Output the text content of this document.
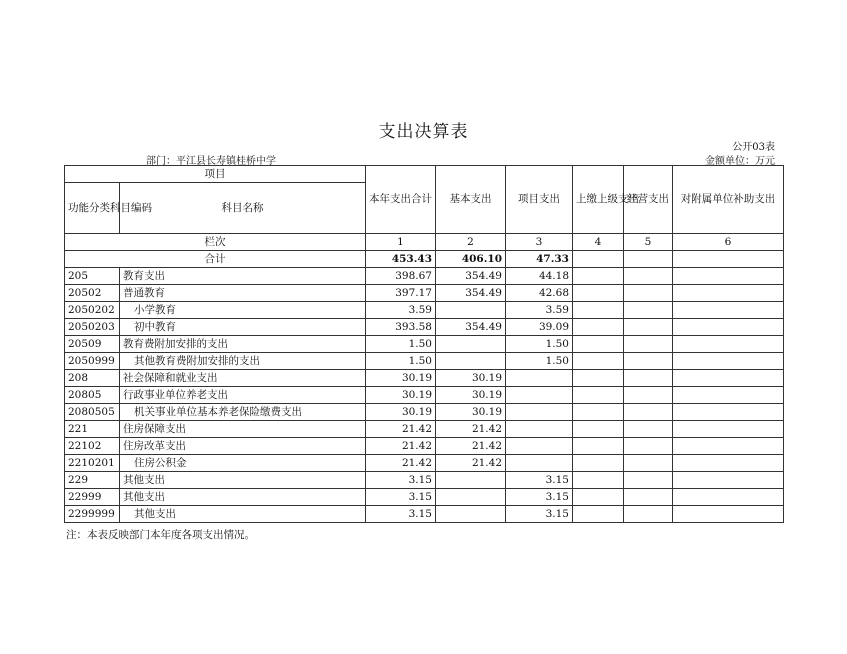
支出决算表
公开03表
部门：平江县长寿镇桂桥中学	金额单位：万元
项目		本年支出合计	基本支出	项目支出	上缴上级支出	经营支出	对附属单位补助支出
功能分类科目编码	科目名称						
栏次		1	2	3	4	5	6
合计		453.43	406.10	47.33			
205	教育支出	398.67	354.49	44.18			
20502	普通教育	397.17	354.49	42.68			
2050202	小学教育	3.59		3.59			
2050203	初中教育	393.58	354.49	39.09			
20509	教育费附加安排的支出	1.50		1.50			
2050999	其他教育费附加安排的支出	1.50		1.50			
208	社会保障和就业支出	30.19	30.19				
20805	行政事业单位养老支出	30.19	30.19				
2080505	机关事业单位基本养老保险缴费支出	30.19	30.19				
221	住房保障支出	21.42	21.42				
22102	住房改革支出	21.42	21.42				
2210201	住房公积金	21.42	21.42				
229	其他支出	3.15		3.15			
22999	其他支出	3.15		3.15			
2299999	其他支出	3.15		3.15			
注：本表反映部门本年度各项支出情况。
